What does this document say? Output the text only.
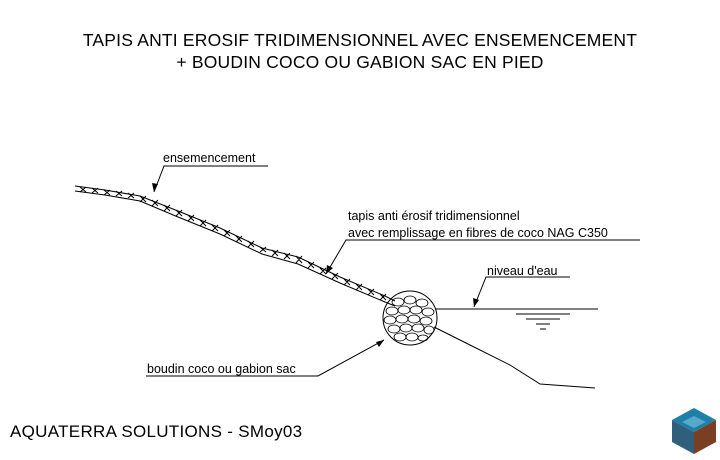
TAPIS ANTI EROSIF TRIDIMENSIONNEL AVEC ENSEMENCEMENT
+ BOUDIN COCO OU GABION SAC EN PIED
ensemencement
tapis anti érosif tridimensionnel
avec remplissage en fibres de coco NAG C350
niveau d'eau
boudin coco ou gabion sac
AQUATERRA SOLUTIONS - SMoy03
